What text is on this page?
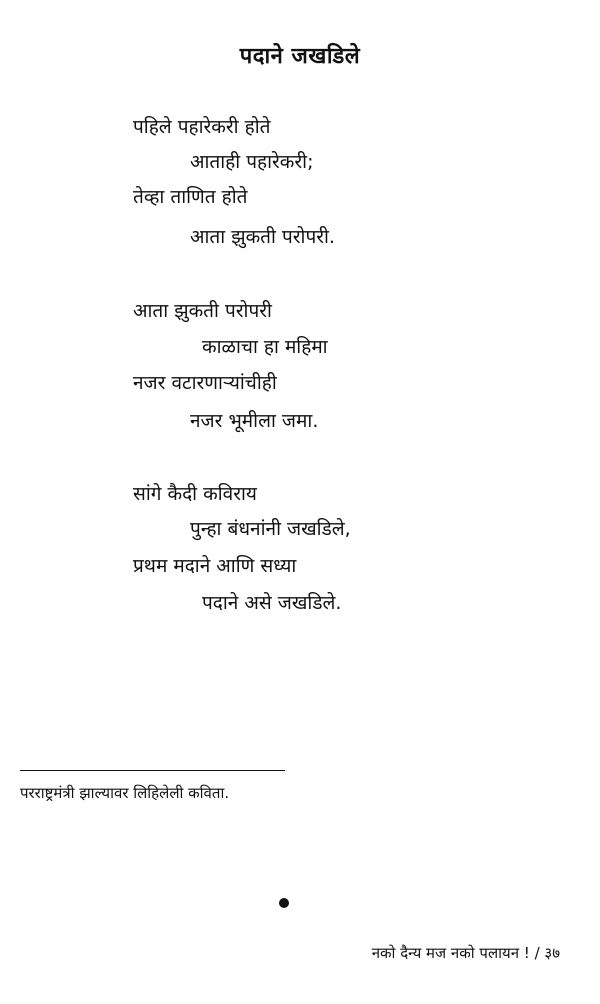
पदाने जखडिले
पहिले पहारेकरी होते
आताही पहारेकरी;
तेव्हा ताणित होते
आता झुकती परोपरी.
आता झुकती परोपरी
काळाचा हा महिमा
नजर वटारणाऱ्यांचीही
नजर भूमीला जमा.
सांगे कैदी कविराय
पुन्हा बंधनांनी जखडिले,
प्रथम मदाने आणि सध्या
पदाने असे जखडिले.
परराष्ट्रमंत्री झाल्यावर लिहिलेली कविता.
नको दैन्य मज नको पलायन ! / ३७
